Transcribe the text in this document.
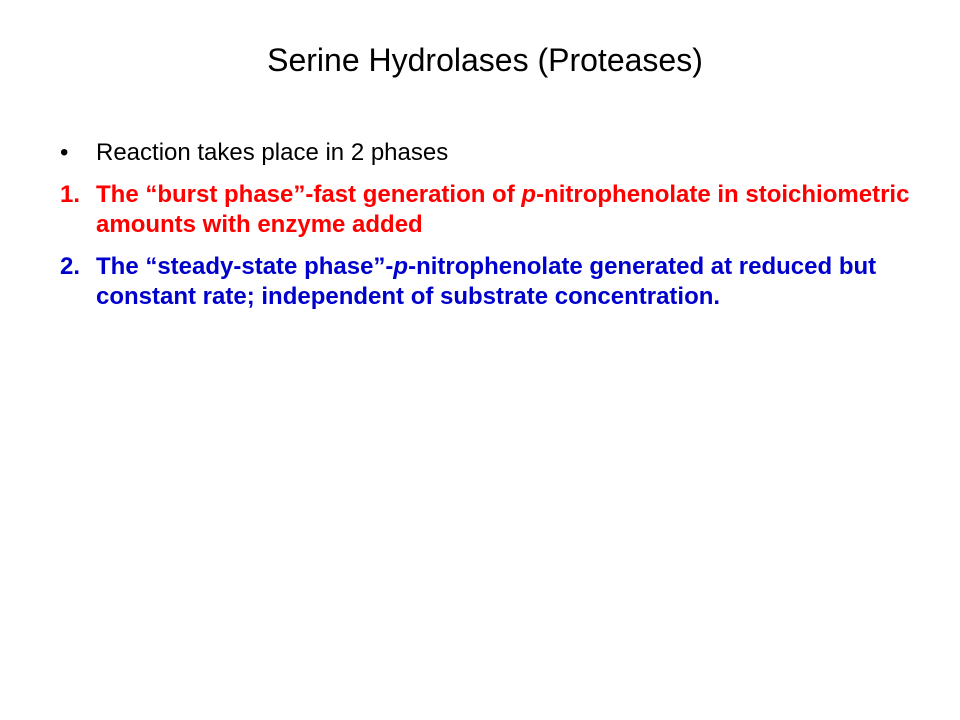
Serine Hydrolases (Proteases)
• Reaction takes place in 2 phases
1. The “burst phase”-fast generation of p-nitrophenolate in stoichiometric amounts with enzyme added
2. The “steady-state phase”-p-nitrophenolate generated at reduced but constant rate; independent of substrate concentration.
